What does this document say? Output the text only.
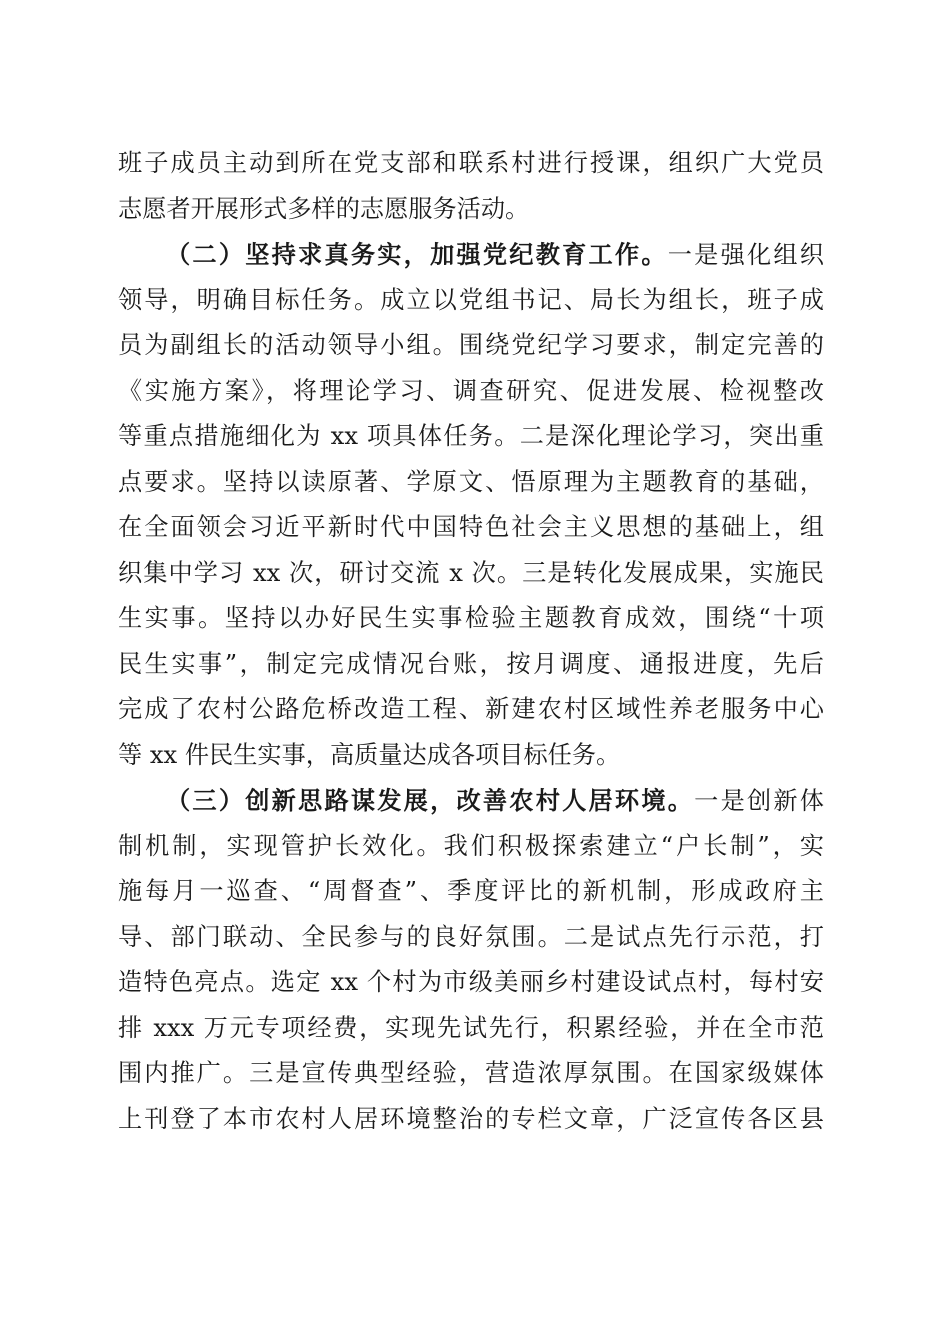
班子成员主动到所在党支部和联系村进行授课，组织广大党员
志愿者开展形式多样的志愿服务活动。
（二）坚持求真务实，加强党纪教育工作。一是强化组织
领导，明确目标任务。成立以党组书记、局长为组长，班子成
员为副组长的活动领导小组。围绕党纪学习要求，制定完善的
《实施方案》，将理论学习、调查研究、促进发展、检视整改
等重点措施细化为 xx 项具体任务。二是深化理论学习，突出重
点要求。坚持以读原著、学原文、悟原理为主题教育的基础，
在全面领会习近平新时代中国特色社会主义思想的基础上，组
织集中学习 xx 次，研讨交流 x 次。三是转化发展成果，实施民
生实事。坚持以办好民生实事检验主题教育成效，围绕“十项
民生实事”，制定完成情况台账，按月调度、通报进度，先后
完成了农村公路危桥改造工程、新建农村区域性养老服务中心
等 xx 件民生实事，高质量达成各项目标任务。
（三）创新思路谋发展，改善农村人居环境。一是创新体
制机制，实现管护长效化。我们积极探索建立“户长制”，实
施每月一巡查、“周督查”、季度评比的新机制，形成政府主
导、部门联动、全民参与的良好氛围。二是试点先行示范，打
造特色亮点。选定 xx 个村为市级美丽乡村建设试点村，每村安
排 xxx 万元专项经费，实现先试先行，积累经验，并在全市范
围内推广。三是宣传典型经验，营造浓厚氛围。在国家级媒体
上刊登了本市农村人居环境整治的专栏文章，广泛宣传各区县
